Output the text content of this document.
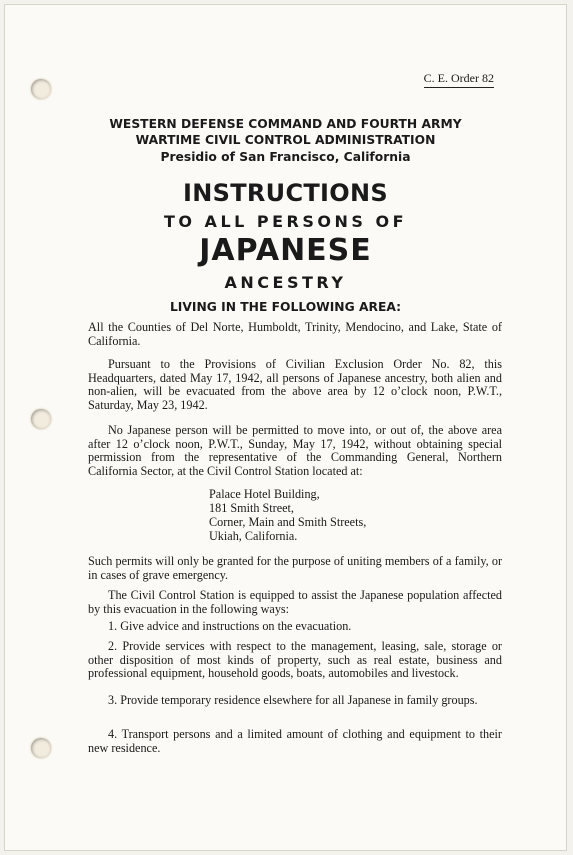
C. E. Order 82
WESTERN DEFENSE COMMAND AND FOURTH ARMY
WARTIME CIVIL CONTROL ADMINISTRATION
Presidio of San Francisco, California
INSTRUCTIONS
TO ALL PERSONS OF
JAPANESE
ANCESTRY
LIVING IN THE FOLLOWING AREA:

All the Counties of Del Norte, Humboldt, Trinity, Mendocino, and Lake, State of California.

Pursuant to the Provisions of Civilian Exclusion Order No. 82, this Headquarters, dated May 17, 1942, all persons of Japanese ancestry, both alien and non-alien, will be evacuated from the above area by 12 o’clock noon, P.W.T., Saturday, May 23, 1942.

No Japanese person will be permitted to move into, or out of, the above area after 12 o’clock noon, P.W.T., Sunday, May 17, 1942, without obtaining special permission from the representative of the Commanding General, Northern California Sector, at the Civil Control Station located at:

Palace Hotel Building,
181 Smith Street,
Corner, Main and Smith Streets,
Ukiah, California.

Such permits will only be granted for the purpose of uniting members of a family, or in cases of grave emergency.

The Civil Control Station is equipped to assist the Japanese population affected by this evacuation in the following ways:

1. Give advice and instructions on the evacuation.

2. Provide services with respect to the management, leasing, sale, storage or other disposition of most kinds of property, such as real estate, business and professional equipment, household goods, boats, automobiles and livestock.

3. Provide temporary residence elsewhere for all Japanese in family groups.

4. Transport persons and a limited amount of clothing and equipment to their new residence.
